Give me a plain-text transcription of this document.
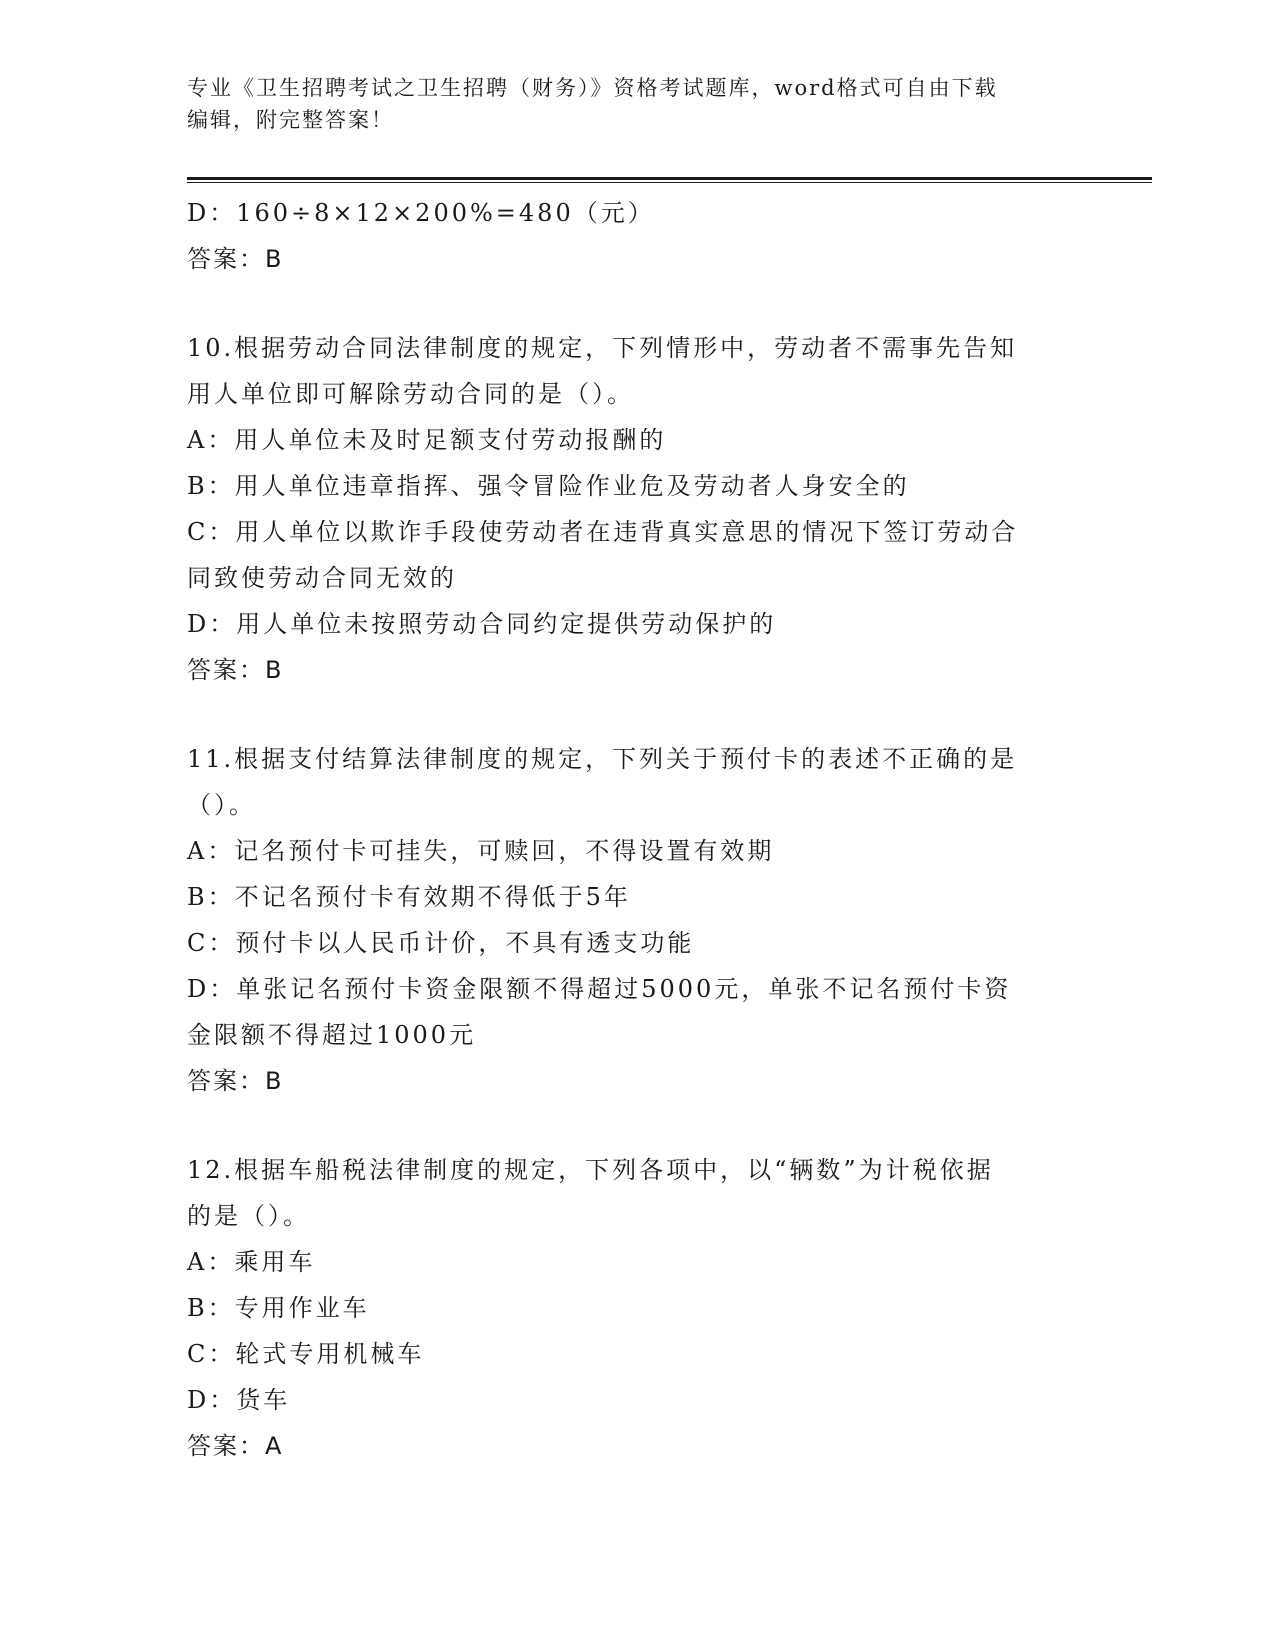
专业《卫生招聘考试之卫生招聘（财务）》资格考试题库，word格式可自由下载
编辑，附完整答案！
D：160÷8×12×200%=480（元）
答案：B
10.根据劳动合同法律制度的规定，下列情形中，劳动者不需事先告知
用人单位即可解除劳动合同的是（）。
A：用人单位未及时足额支付劳动报酬的
B：用人单位违章指挥、强令冒险作业危及劳动者人身安全的
C：用人单位以欺诈手段使劳动者在违背真实意思的情况下签订劳动合
同致使劳动合同无效的
D：用人单位未按照劳动合同约定提供劳动保护的
答案：B
11.根据支付结算法律制度的规定，下列关于预付卡的表述不正确的是
（）。
A：记名预付卡可挂失，可赎回，不得设置有效期
B：不记名预付卡有效期不得低于5年
C：预付卡以人民币计价，不具有透支功能
D：单张记名预付卡资金限额不得超过5000元，单张不记名预付卡资
金限额不得超过1000元
答案：B
12.根据车船税法律制度的规定，下列各项中，以“辆数”为计税依据
的是（）。
A：乘用车
B：专用作业车
C：轮式专用机械车
D：货车
答案：A
